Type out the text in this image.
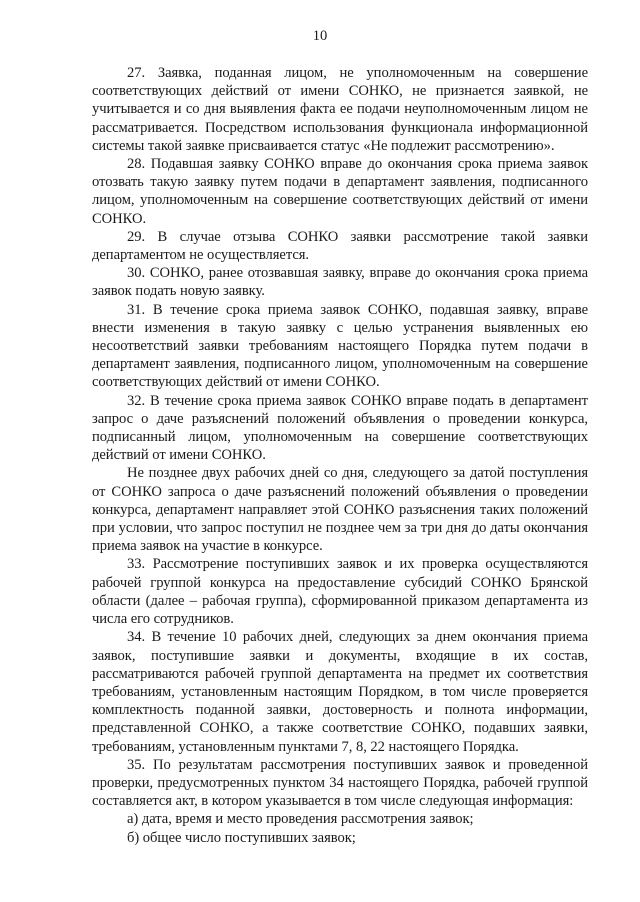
10

27. Заявка, поданная лицом, не уполномоченным на совершение соответствующих действий от имени СОНКО, не признается заявкой, не учитывается и со дня выявления факта ее подачи неуполномоченным лицом не рассматривается. Посредством использования функционала информационной системы такой заявке присваивается статус «Не подлежит рассмотрению».

28. Подавшая заявку СОНКО вправе до окончания срока приема заявок отозвать такую заявку путем подачи в департамент заявления, подписанного лицом, уполномоченным на совершение соответствующих действий от имени СОНКО.

29. В случае отзыва СОНКО заявки рассмотрение такой заявки департаментом не осуществляется.

30. СОНКО, ранее отозвавшая заявку, вправе до окончания срока приема заявок подать новую заявку.

31. В течение срока приема заявок СОНКО, подавшая заявку, вправе внести изменения в такую заявку с целью устранения выявленных ею несоответствий заявки требованиям настоящего Порядка путем подачи в департамент заявления, подписанного лицом, уполномоченным на совершение соответствующих действий от имени СОНКО.

32. В течение срока приема заявок СОНКО вправе подать в департамент запрос о даче разъяснений положений объявления о проведении конкурса, подписанный лицом, уполномоченным на совершение соответствующих действий от имени СОНКО.

Не позднее двух рабочих дней со дня, следующего за датой поступления от СОНКО запроса о даче разъяснений положений объявления о проведении конкурса, департамент направляет этой СОНКО разъяснения таких положений при условии, что запрос поступил не позднее чем за три дня до даты окончания приема заявок на участие в конкурсе.

33. Рассмотрение поступивших заявок и их проверка осуществляются рабочей группой конкурса на предоставление субсидий СОНКО Брянской области (далее – рабочая группа), сформированной приказом департамента из числа его сотрудников.

34. В течение 10 рабочих дней, следующих за днем окончания приема заявок, поступившие заявки и документы, входящие в их состав, рассматриваются рабочей группой департамента на предмет их соответствия требованиям, установленным настоящим Порядком, в том числе проверяется комплектность поданной заявки, достоверность и полнота информации, представленной СОНКО, а также соответствие СОНКО, подавших заявки, требованиям, установленным пунктами 7, 8, 22 настоящего Порядка.

35. По результатам рассмотрения поступивших заявок и проведенной проверки, предусмотренных пунктом 34 настоящего Порядка, рабочей группой составляется акт, в котором указывается в том числе следующая информация:

а) дата, время и место проведения рассмотрения заявок;

б) общее число поступивших заявок;
